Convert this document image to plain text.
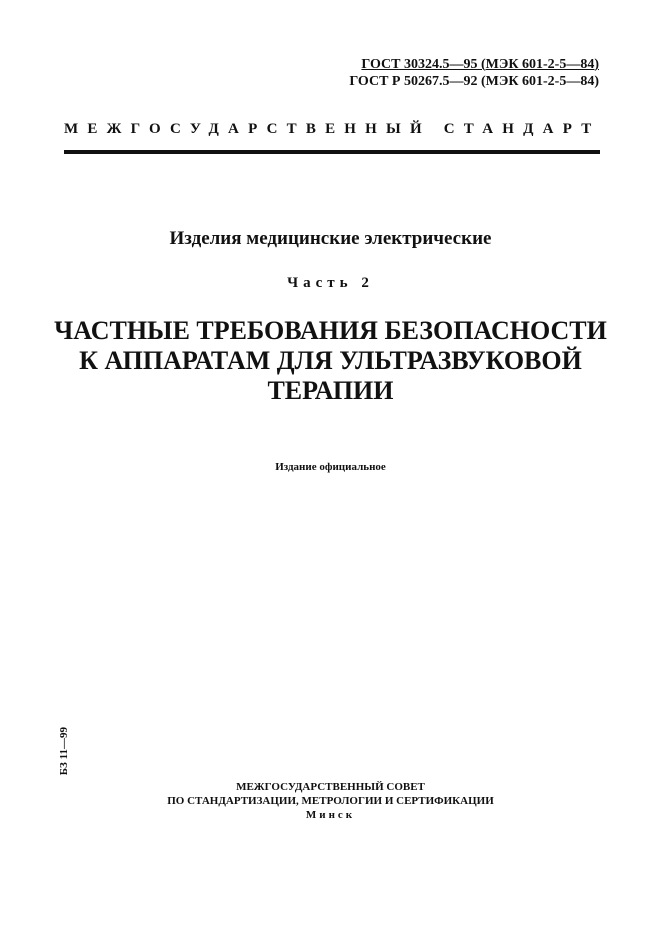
ГОСТ 30324.5—95 (МЭК 601-2-5—84)
ГОСТ Р 50267.5—92 (МЭК 601-2-5—84)
МЕЖГОСУДАРСТВЕННЫЙ СТАНДАРТ
Изделия медицинские электрические
Часть 2
ЧАСТНЫЕ ТРЕБОВАНИЯ БЕЗОПАСНОСТИ
К АППАРАТАМ ДЛЯ УЛЬТРАЗВУКОВОЙ
ТЕРАПИИ
Издание официальное
БЗ 11—99
МЕЖГОСУДАРСТВЕННЫЙ СОВЕТ
ПО СТАНДАРТИЗАЦИИ, МЕТРОЛОГИИ И СЕРТИФИКАЦИИ
Минск
